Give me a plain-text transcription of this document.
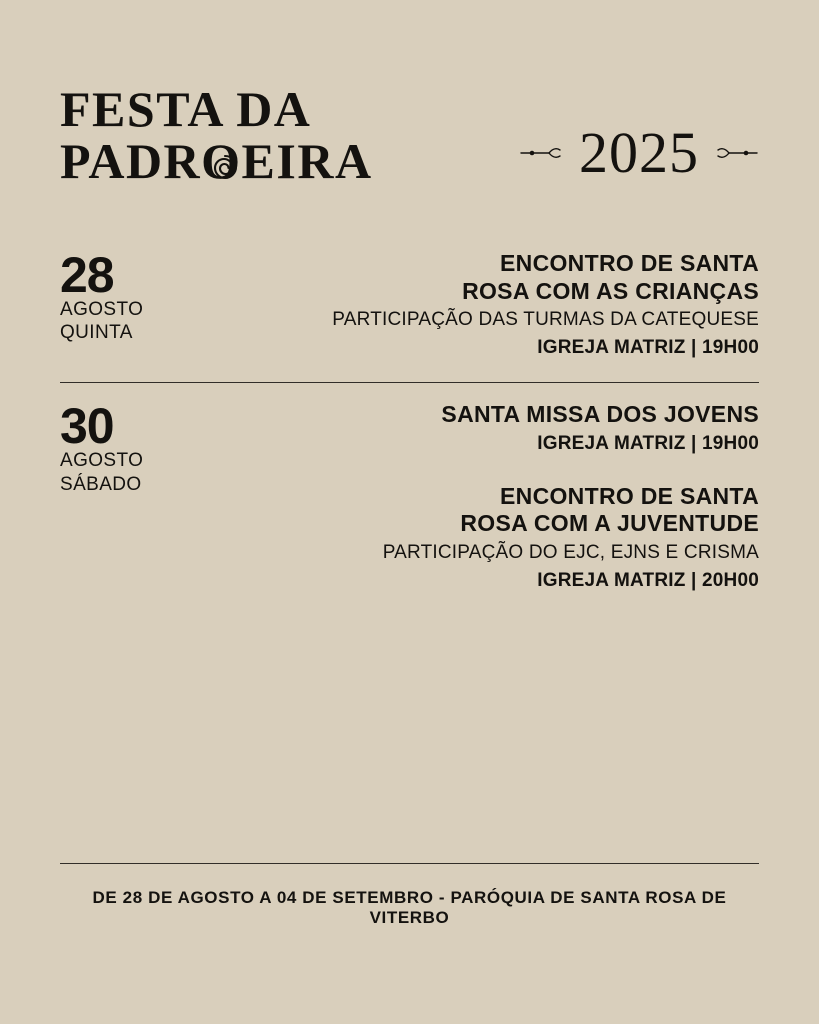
FESTA DA
PADROEIRA	2025
28
AGOSTO
QUINTA
ENCONTRO DE SANTA
ROSA COM AS CRIANÇAS
PARTICIPAÇÃO DAS TURMAS DA CATEQUESE
IGREJA MATRIZ | 19H00
30
AGOSTO
SÁBADO
SANTA MISSA DOS JOVENS
IGREJA MATRIZ | 19H00
ENCONTRO DE SANTA
ROSA COM A JUVENTUDE
PARTICIPAÇÃO DO EJC, EJNS E CRISMA
IGREJA MATRIZ | 20H00
DE 28 DE AGOSTO A 04 DE SETEMBRO - PARÓQUIA DE SANTA ROSA DE VITERBO
